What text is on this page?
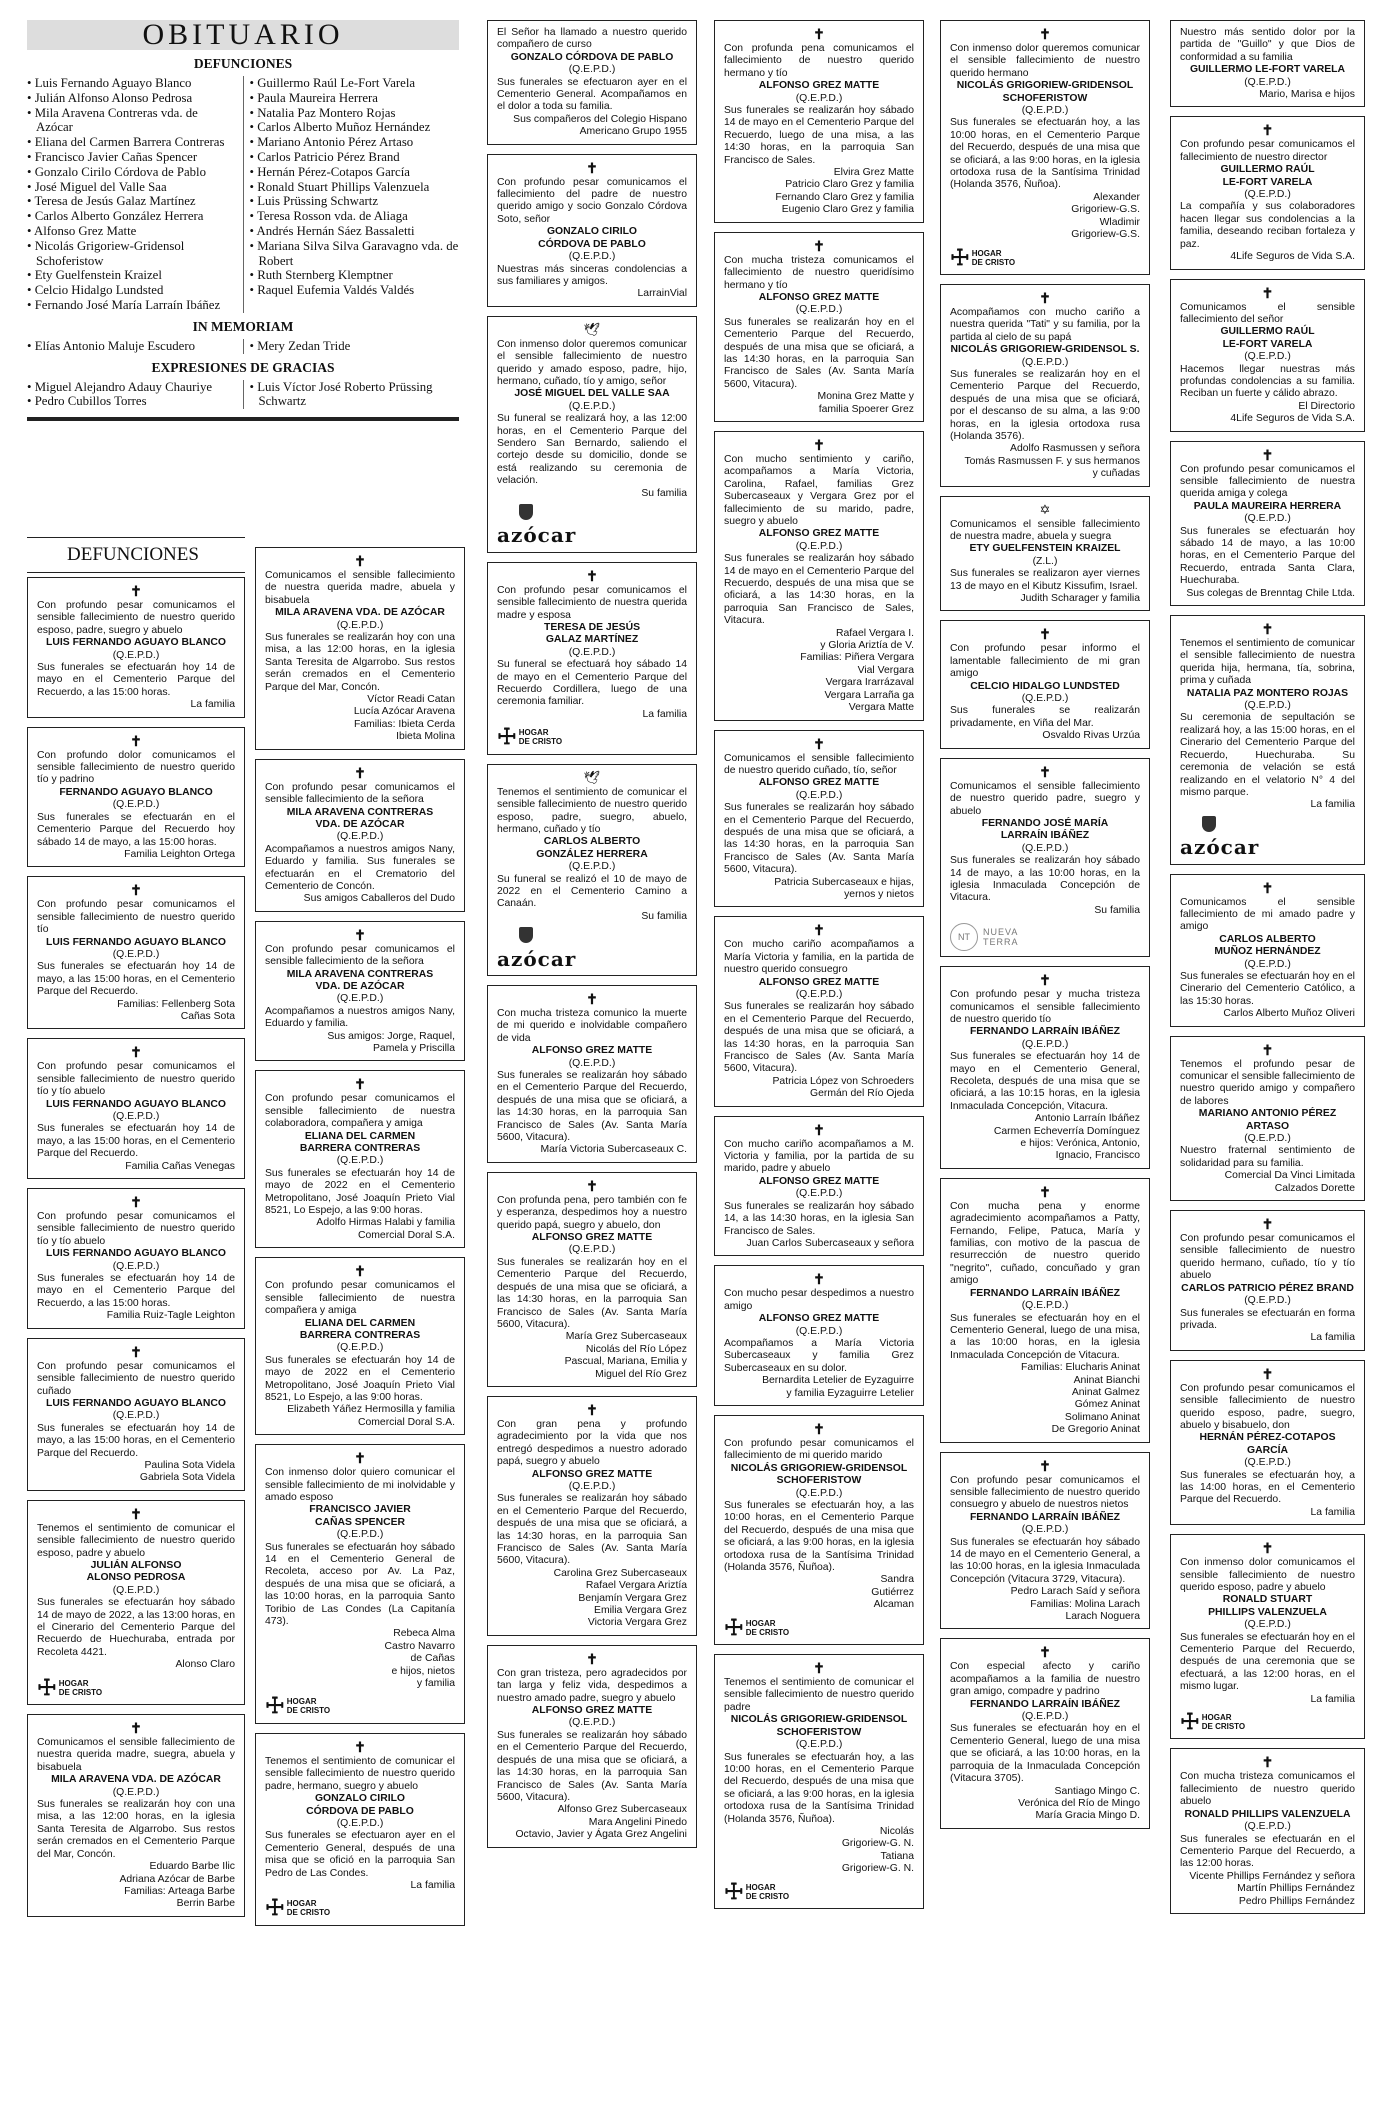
OBITUARIO
DEFUNCIONES
• Luis Fernando Aguayo Blanco
• Julián Alfonso Alonso Pedrosa
• Mila Aravena Contreras vda. de Azócar
• Eliana del Carmen Barrera Contreras
• Francisco Javier Cañas Spencer
• Gonzalo Cirilo Córdova de Pablo
• José Miguel del Valle Saa
• Teresa de Jesús Galaz Martínez
• Carlos Alberto González Herrera
• Alfonso Grez Matte
• Nicolás Grigoriew-Gridensol Schoferistow
• Ety Guelfenstein Kraizel
• Celcio Hidalgo Lundsted
• Fernando José María Larraín Ibáñez
• Guillermo Raúl Le-Fort Varela
• Paula Maureira Herrera
• Natalia Paz Montero Rojas
• Carlos Alberto Muñoz Hernández
• Mariano Antonio Pérez Artaso
• Carlos Patricio Pérez Brand
• Hernán Pérez-Cotapos García
• Ronald Stuart Phillips Valenzuela
• Luis Prüssing Schwartz
• Teresa Rosson vda. de Aliaga
• Andrés Hernán Sáez Bassaletti
• Mariana Silva Silva Garavagno vda. de Robert
• Ruth Sternberg Klemptner
• Raquel Eufemia Valdés Valdés
IN MEMORIAM
• Elías Antonio Maluje Escudero
•	Mery Zedan Tride
EXPRESIONES DE GRACIAS
• Miguel Alejandro Adauy Chauriye
• Pedro Cubillos Torres
• Luis Víctor José Roberto Prüssing Schwartz
DEFUNCIONES
✝

Con profundo pesar comunicamos el sensible fallecimiento de nuestro querido esposo, padre, suegro y abuelo

LUIS FERNANDO AGUAYO BLANCO

(Q.E.P.D.)

Sus funerales se efectuarán hoy 14 de mayo en el Cementerio Parque del Recuerdo, a las 15:00 horas.

La familia

✝

Con profundo dolor comunicamos el sensible fallecimiento de nuestro querido tío y padrino

FERNANDO AGUAYO BLANCO

(Q.E.P.D.)

Sus funerales se efectuarán en el Cementerio Parque del Recuerdo hoy sábado 14 de mayo, a las 15:00 horas.

Familia Leighton Ortega

✝

Con profundo pesar comunicamos el sensible fallecimiento de nuestro querido tío

LUIS FERNANDO AGUAYO BLANCO

(Q.E.P.D.)

Sus funerales se efectuarán hoy 14 de mayo, a las 15:00 horas, en el Cementerio Parque del Recuerdo.

Familias: Fellenberg Sota

Cañas Sota

✝

Con profundo pesar comunicamos el sensible fallecimiento de nuestro querido tío y tío abuelo

LUIS FERNANDO AGUAYO BLANCO

(Q.E.P.D.)

Sus funerales se efectuarán hoy 14 de mayo, a las 15:00 horas, en el Cementerio Parque del Recuerdo.

Familia Cañas Venegas

✝

Con profundo pesar comunicamos el sensible fallecimiento de nuestro querido tío y tío abuelo

LUIS FERNANDO AGUAYO BLANCO

(Q.E.P.D.)

Sus funerales se efectuarán hoy 14 de mayo en el Cementerio Parque del Recuerdo, a las 15:00 horas.

Familia Ruiz-Tagle Leighton

✝

Con profundo pesar comunicamos el sensible fallecimiento de nuestro querido cuñado

LUIS FERNANDO AGUAYO BLANCO

(Q.E.P.D.)

Sus funerales se efectuarán hoy 14 de mayo, a las 15:00 horas, en el Cementerio Parque del Recuerdo.

Paulina Sota Videla

Gabriela Sota Videla

✝

Tenemos el sentimiento de comunicar el sensible fallecimiento de nuestro querido esposo, padre y abuelo

JULIÁN ALFONSO

ALONSO PEDROSA

(Q.E.P.D.)

Sus funerales se efectuarán hoy sábado 14 de mayo de 2022, a las 13:00 horas, en el Cinerario del Cementerio Parque del Recuerdo de Huechuraba, entrada por Recoleta 4421.

Alonso Claro

☩ HOGAR
DE CRISTO
✝

Comunicamos el sensible fallecimiento de nuestra querida madre, suegra, abuela y bisabuela

MILA ARAVENA VDA. DE AZÓCAR

(Q.E.P.D.)

Sus funerales se realizarán hoy con una misa, a las 12:00 horas, en la iglesia Santa Teresita de Algarrobo. Sus restos serán cremados en el Cementerio Parque del Mar, Concón.

Eduardo Barbe Ilic

Adriana Azócar de Barbe

Familias: Arteaga Barbe

Berrin Barbe

✝

Comunicamos el sensible fallecimiento de nuestra querida madre, abuela y bisabuela

MILA ARAVENA VDA. DE AZÓCAR

(Q.E.P.D.)

Sus funerales se realizarán hoy con una misa, a las 12:00 horas, en la iglesia Santa Teresita de Algarrobo. Sus restos serán cremados en el Cementerio Parque del Mar, Concón.

Víctor Readi Catan

Lucía Azócar Aravena

Familias: Ibieta Cerda

Ibieta Molina

✝

Con profundo pesar comunicamos el sensible fallecimiento de la señora

MILA ARAVENA CONTRERAS

VDA. DE AZÓCAR

(Q.E.P.D.)

Acompañamos a nuestros amigos Nany, Eduardo y familia. Sus funerales se efectuarán en el Crematorio del Cementerio de Concón.

Sus amigos Caballeros del Dudo

✝

Con profundo pesar comunicamos el sensible fallecimiento de la señora

MILA ARAVENA CONTRERAS

VDA. DE AZÓCAR

(Q.E.P.D.)

Acompañamos a nuestros amigos Nany, Eduardo y familia.

Sus amigos: Jorge, Raquel,

Pamela y Priscilla

✝

Con profundo pesar comunicamos el sensible fallecimiento de nuestra colaboradora, compañera y amiga

ELIANA DEL CARMEN

BARRERA CONTRERAS

(Q.E.P.D.)

Sus funerales se efectuarán hoy 14 de mayo de 2022 en el Cementerio Metropolitano, José Joaquín Prieto Vial 8521, Lo Espejo, a las 9:00 horas.

Adolfo Hirmas Halabi y familia

Comercial Doral S.A.

✝

Con profundo pesar comunicamos el sensible fallecimiento de nuestra compañera y amiga

ELIANA DEL CARMEN

BARRERA CONTRERAS

(Q.E.P.D.)

Sus funerales se efectuarán hoy 14 de mayo de 2022 en el Cementerio Metropolitano, José Joaquín Prieto Vial 8521, Lo Espejo, a las 9:00 horas.

Elizabeth Yáñez Hermosilla y familia

Comercial Doral S.A.

✝

Con inmenso dolor quiero comunicar el sensible fallecimiento de mi inolvidable y amado esposo

FRANCISCO JAVIER

CAÑAS SPENCER

(Q.E.P.D.)

Sus funerales se efectuarán hoy sábado 14 en el Cementerio General de Recoleta, acceso por Av. La Paz, después de una misa que se oficiará, a las 10:00 horas, en la parroquia Santo Toribio de Las Condes (La Capitanía 473).

Rebeca Alma

Castro Navarro

de Cañas

e hijos, nietos

y familia

☩ HOGAR
DE CRISTO
✝

Tenemos el sentimiento de comunicar el sensible fallecimiento de nuestro querido padre, hermano, suegro y abuelo

GONZALO CIRILO

CÓRDOVA DE PABLO

(Q.E.P.D.)

Sus funerales se efectuaron ayer en el Cementerio General, después de una misa que se ofició en la parroquia San Pedro de Las Condes.

La familia

☩ HOGAR
DE CRISTO

El Señor ha llamado a nuestro querido compañero de curso

GONZALO CÓRDOVA DE PABLO

(Q.E.P.D.)

Sus funerales se efectuaron ayer en el Cementerio General. Acompañamos en el dolor a toda su familia.

Sus compañeros del Colegio Hispano

Americano Grupo 1955

✝

Con profundo pesar comunicamos el fallecimiento del padre de nuestro querido amigo y socio Gonzalo Córdova Soto, señor

GONZALO CIRILO

CÓRDOVA DE PABLO

(Q.E.P.D.)

Nuestras más sinceras condolencias a sus familiares y amigos.

LarrainVial

🕊

Con inmenso dolor queremos comunicar el sensible fallecimiento de nuestro querido y amado esposo, padre, hijo, hermano, cuñado, tío y amigo, señor

JOSÉ MIGUEL DEL VALLE SAA

(Q.E.P.D.)

Su funeral se realizará hoy, a las 12:00 horas, en el Cementerio Parque del Sendero San Bernardo, saliendo el cortejo desde su domicilio, donde se está realizando su ceremonia de velación.

Su familia

azócar
✝

Con profundo pesar comunicamos el sensible fallecimiento de nuestra querida madre y esposa

TERESA DE JESÚS

GALAZ MARTÍNEZ

(Q.E.P.D.)

Su funeral se efectuará hoy sábado 14 de mayo en el Cementerio Parque del Recuerdo Cordillera, luego de una ceremonia familiar.

La familia

☩ HOGAR
DE CRISTO
🕊

Tenemos el sentimiento de comunicar el sensible fallecimiento de nuestro querido esposo, padre, suegro, abuelo, hermano, cuñado y tío

CARLOS ALBERTO

GONZÁLEZ HERRERA

(Q.E.P.D.)

Su funeral se realizó el 10 de mayo de 2022 en el Cementerio Camino a Canaán.

Su familia

azócar
✝

Con mucha tristeza comunico la muerte de mi querido e inolvidable compañero de vida

ALFONSO GREZ MATTE

(Q.E.P.D.)

Sus funerales se realizarán hoy sábado en el Cementerio Parque del Recuerdo, después de una misa que se oficiará, a las 14:30 horas, en la parroquia San Francisco de Sales (Av. Santa María 5600, Vitacura).

María Victoria Subercaseaux C.

✝

Con profunda pena, pero también con fe y esperanza, despedimos hoy a nuestro querido papá, suegro y abuelo, don

ALFONSO GREZ MATTE

(Q.E.P.D.)

Sus funerales se realizarán hoy en el Cementerio Parque del Recuerdo, después de una misa que se oficiará, a las 14:30 horas, en la parroquia San Francisco de Sales (Av. Santa María 5600, Vitacura).

María Grez Subercaseaux

Nicolás del Río López

Pascual, Mariana, Emilia y

Miguel del Río Grez

✝

Con gran pena y profundo agradecimiento por la vida que nos entregó despedimos a nuestro adorado papá, suegro y abuelo

ALFONSO GREZ MATTE

(Q.E.P.D.)

Sus funerales se realizarán hoy sábado en el Cementerio Parque del Recuerdo, después de una misa que se oficiará, a las 14:30 horas, en la parroquia San Francisco de Sales (Av. Santa María 5600, Vitacura).

Carolina Grez Subercaseaux

Rafael Vergara Ariztía

Benjamín Vergara Grez

Emilia Vergara Grez

Victoria Vergara Grez

✝

Con gran tristeza, pero agradecidos por tan larga y feliz vida, despedimos a nuestro amado padre, suegro y abuelo

ALFONSO GREZ MATTE

(Q.E.P.D.)

Sus funerales se realizarán hoy sábado en el Cementerio Parque del Recuerdo, después de una misa que se oficiará, a las 14:30 horas, en la parroquia San Francisco de Sales (Av. Santa María 5600, Vitacura).

Alfonso Grez Subercaseaux

Mara Angelini Pinedo

Octavio, Javier y Ágata Grez Angelini

✝

Con profunda pena comunicamos el fallecimiento de nuestro querido hermano y tío

ALFONSO GREZ MATTE

(Q.E.P.D.)

Sus funerales se realizarán hoy sábado 14 de mayo en el Cementerio Parque del Recuerdo, luego de una misa, a las 14:30 horas, en la parroquia San Francisco de Sales.

Elvira Grez Matte

Patricio Claro Grez y familia

Fernando Claro Grez y familia

Eugenio Claro Grez y familia

✝

Con mucha tristeza comunicamos el fallecimiento de nuestro queridísimo hermano y tío

ALFONSO GREZ MATTE

(Q.E.P.D.)

Sus funerales se realizarán hoy en el Cementerio Parque del Recuerdo, después de una misa que se oficiará, a las 14:30 horas, en la parroquia San Francisco de Sales (Av. Santa María 5600, Vitacura).

Monina Grez Matte y

familia Spoerer Grez

✝

Con mucho sentimiento y cariño, acompañamos a María Victoria, Carolina, Rafael, familias Grez Subercaseaux y Vergara Grez por el fallecimiento de su marido, padre, suegro y abuelo

ALFONSO GREZ MATTE

(Q.E.P.D.)

Sus funerales se realizarán hoy sábado 14 de mayo en el Cementerio Parque del Recuerdo, después de una misa que se oficiará, a las 14:30 horas, en la parroquia San Francisco de Sales, Vitacura.

Rafael Vergara I.

y Gloria Ariztía de V.

Familias: Piñera Vergara

Vial Vergara

Vergara Irarrázaval

Vergara Larraña ga

Vergara Matte

✝

Comunicamos el sensible fallecimiento de nuestro querido cuñado, tío, señor

ALFONSO GREZ MATTE

(Q.E.P.D.)

Sus funerales se realizarán hoy sábado en el Cementerio Parque del Recuerdo, después de una misa que se oficiará, a las 14:30 horas, en la parroquia San Francisco de Sales (Av. Santa María 5600, Vitacura).

Patricia Subercaseaux e hijas,

yernos y nietos

✝

Con mucho cariño acompañamos a María Victoria y familia, en la partida de nuestro querido consuegro

ALFONSO GREZ MATTE

(Q.E.P.D.)

Sus funerales se realizarán hoy sábado en el Cementerio Parque del Recuerdo, después de una misa que se oficiará, a las 14:30 horas, en la parroquia San Francisco de Sales (Av. Santa María 5600, Vitacura).

Patricia López von Schroeders

Germán del Río Ojeda

✝

Con mucho cariño acompañamos a M. Victoria y familia, por la partida de su marido, padre y abuelo

ALFONSO GREZ MATTE

(Q.E.P.D.)

Sus funerales se realizarán hoy sábado 14, a las 14:30 horas, en la iglesia San Francisco de Sales.

Juan Carlos Subercaseaux y señora

✝

Con mucho pesar despedimos a nuestro amigo

ALFONSO GREZ MATTE

(Q.E.P.D.)

Acompañamos a María Victoria Subercaseaux y familia Grez Subercaseaux en su dolor.

Bernardita Letelier de Eyzaguirre

y familia Eyzaguirre Letelier

✝

Con profundo pesar comunicamos el fallecimiento de mi querido marido

NICOLÁS GRIGORIEW-GRIDENSOL

SCHOFERISTOW

(Q.E.P.D.)

Sus funerales se efectuarán hoy, a las 10:00 horas, en el Cementerio Parque del Recuerdo, después de una misa que se oficiará, a las 9:00 horas, en la iglesia ortodoxa rusa de la Santísima Trinidad (Holanda 3576, Ñuñoa).

Sandra

Gutiérrez

Alcaman

☩ HOGAR
DE CRISTO
✝

Tenemos el sentimiento de comunicar el sensible fallecimiento de nuestro querido padre

NICOLÁS GRIGORIEW-GRIDENSOL

SCHOFERISTOW

(Q.E.P.D.)

Sus funerales se efectuarán hoy, a las 10:00 horas, en el Cementerio Parque del Recuerdo, después de una misa que se oficiará, a las 9:00 horas, en la iglesia ortodoxa rusa de la Santísima Trinidad (Holanda 3576, Ñuñoa).

Nicolás

Grigoriew-G. N.

Tatiana

Grigoriew-G. N.

☩ HOGAR
DE CRISTO
✝

Con inmenso dolor queremos comunicar el sensible fallecimiento de nuestro querido hermano

NICOLÁS GRIGORIEW-GRIDENSOL

SCHOFERISTOW

(Q.E.P.D.)

Sus funerales se efectuarán hoy, a las 10:00 horas, en el Cementerio Parque del Recuerdo, después de una misa que se oficiará, a las 9:00 horas, en la iglesia ortodoxa rusa de la Santísima Trinidad (Holanda 3576, Ñuñoa).

Alexander

Grigoriew-G.S.

Wladimir

Grigoriew-G.S.

☩ HOGAR
DE CRISTO
✝

Acompañamos con mucho cariño a nuestra querida "Tati" y su familia, por la partida al cielo de su papá

NICOLÁS GRIGORIEW-GRIDENSOL S.

(Q.E.P.D.)

Sus funerales se realizarán hoy en el Cementerio Parque del Recuerdo, después de una misa que se oficiará, por el descanso de su alma, a las 9:00 horas, en la iglesia ortodoxa rusa (Holanda 3576).

Adolfo Rasmussen y señora

Tomás Rasmussen F. y sus hermanos

y cuñadas

✡

Comunicamos el sensible fallecimiento de nuestra madre, abuela y suegra

ETY GUELFENSTEIN KRAIZEL

(Z.L.)

Sus funerales se realizaron ayer viernes 13 de mayo en el Kibutz Kissufim, Israel.

Judith Scharager y familia

✝

Con profundo pesar informo el lamentable fallecimiento de mi gran amigo

CELCIO HIDALGO LUNDSTED

(Q.E.P.D.)

Sus funerales se realizarán privadamente, en Viña del Mar.

Osvaldo Rivas Urzúa

✝

Comunicamos el sensible fallecimiento de nuestro querido padre, suegro y abuelo

FERNANDO JOSÉ MARÍA

LARRAÍN IBÁÑEZ

(Q.E.P.D.)

Sus funerales se realizarán hoy sábado 14 de mayo, a las 10:00 horas, en la iglesia Inmaculada Concepción de Vitacura.

Su familia

NT	NUEVA
TERRA
✝

Con profundo pesar y mucha tristeza comunicamos el sensible fallecimiento de nuestro querido tío

FERNANDO LARRAÍN IBÁÑEZ

(Q.E.P.D.)

Sus funerales se efectuarán hoy 14 de mayo en el Cementerio General, Recoleta, después de una misa que se oficiará, a las 10:15 horas, en la iglesia Inmaculada Concepción, Vitacura.

Antonio Larraín Ibáñez

Carmen Echeverría Domínguez

e hijos: Verónica, Antonio,

Ignacio, Francisco

✝

Con mucha pena y enorme agradecimiento acompañamos a Patty, Fernando, Felipe, Patuca, María y familias, con motivo de la pascua de resurrección de nuestro querido "negrito", cuñado, concuñado y gran amigo

FERNANDO LARRAÍN IBÁÑEZ

(Q.E.P.D.)

Sus funerales se efectuarán hoy en el Cementerio General, luego de una misa, a las 10:00 horas, en la iglesia Inmaculada Concepción de Vitacura.

Familias: Elucharis Aninat

Aninat Bianchi

Aninat Galmez

Gómez Aninat

Solimano Aninat

De Gregorio Aninat

✝

Con profundo pesar comunicamos el sensible fallecimiento de nuestro querido consuegro y abuelo de nuestros nietos

FERNANDO LARRAÍN IBÁÑEZ

(Q.E.P.D.)

Sus funerales se efectuarán hoy sábado 14 de mayo en el Cementerio General, a las 10:00 horas, en la iglesia Inmaculada Concepción (Vitacura 3729, Vitacura).

Pedro Larach Saíd y señora

Familias: Molina Larach

Larach Noguera

✝

Con especial afecto y cariño acompañamos a la familia de nuestro gran amigo, compadre y padrino

FERNANDO LARRAÍN IBÁÑEZ

(Q.E.P.D.)

Sus funerales se efectuarán hoy en el Cementerio General, luego de una misa que se oficiará, a las 10:00 horas, en la parroquia de la Inmaculada Concepción (Vitacura 3705).

Santiago Mingo C.

Verónica del Río de Mingo

María Gracia Mingo D.

Nuestro más sentido dolor por la partida de "Guillo" y que Dios de conformidad a su familia

GUILLERMO LE-FORT VARELA

(Q.E.P.D.)

Mario, Marisa e hijos

✝

Con profundo pesar comunicamos el fallecimiento de nuestro director

GUILLERMO RAÚL

LE-FORT VARELA

(Q.E.P.D.)

La compañía y sus colaboradores hacen llegar sus condolencias a la familia, deseando reciban fortaleza y paz.

4Life Seguros de Vida S.A.

✝

Comunicamos el sensible fallecimiento del señor

GUILLERMO RAÚL

LE-FORT VARELA

(Q.E.P.D.)

Hacemos llegar nuestras más profundas condolencias a su familia. Reciban un fuerte y cálido abrazo.

El Directorio

4Life Seguros de Vida S.A.

✝

Con profundo pesar comunicamos el sensible fallecimiento de nuestra querida amiga y colega

PAULA MAUREIRA HERRERA

(Q.E.P.D.)

Sus funerales se efectuarán hoy sábado 14 de mayo, a las 10:00 horas, en el Cementerio Parque del Recuerdo, entrada Santa Clara, Huechuraba.

Sus colegas de Brenntag Chile Ltda.

✝

Tenemos el sentimiento de comunicar el sensible fallecimiento de nuestra querida hija, hermana, tía, sobrina, prima y cuñada

NATALIA PAZ MONTERO ROJAS

(Q.E.P.D.)

Su ceremonia de sepultación se realizará hoy, a las 15:00 horas, en el Cinerario del Cementerio Parque del Recuerdo, Huechuraba. Su ceremonia de velación se está realizando en el velatorio N° 4 del mismo parque.

La familia

azócar
✝

Comunicamos el sensible fallecimiento de mi amado padre y amigo

CARLOS ALBERTO

MUÑOZ HERNÁNDEZ

(Q.E.P.D.)

Sus funerales se efectuarán hoy en el Cinerario del Cementerio Católico, a las 15:30 horas.

Carlos Alberto Muñoz Oliveri

✝

Tenemos el profundo pesar de comunicar el sensible fallecimiento de nuestro querido amigo y compañero de labores

MARIANO ANTONIO PÉREZ ARTASO

(Q.E.P.D.)

Nuestro fraternal sentimiento de solidaridad para su familia.

Comercial Da Vinci Limitada

Calzados Dorette

✝

Con profundo pesar comunicamos el sensible fallecimiento de nuestro querido hermano, cuñado, tío y tío abuelo

CARLOS PATRICIO PÉREZ BRAND

(Q.E.P.D.)

Sus funerales se efectuarán en forma privada.

La familia

✝

Con profundo pesar comunicamos el sensible fallecimiento de nuestro querido esposo, padre, suegro, abuelo y bisabuelo, don

HERNÁN PÉREZ-COTAPOS GARCÍA

(Q.E.P.D.)

Sus funerales se efectuarán hoy, a las 14:00 horas, en el Cementerio Parque del Recuerdo.

La familia

✝

Con inmenso dolor comunicamos el sensible fallecimiento de nuestro querido esposo, padre y abuelo

RONALD STUART

PHILLIPS VALENZUELA

(Q.E.P.D.)

Sus funerales se efectuarán hoy en el Cementerio Parque del Recuerdo, después de una ceremonia que se efectuará, a las 12:00 horas, en el mismo lugar.

La familia

☩ HOGAR
DE CRISTO
✝

Con mucha tristeza comunicamos el fallecimiento de nuestro querido abuelo

RONALD PHILLIPS VALENZUELA

(Q.E.P.D.)

Sus funerales se efectuarán en el Cementerio Parque del Recuerdo, a las 12:00 horas.

Vicente Phillips Fernández y señora

Martín Phillips Fernández

Pedro Phillips Fernández
